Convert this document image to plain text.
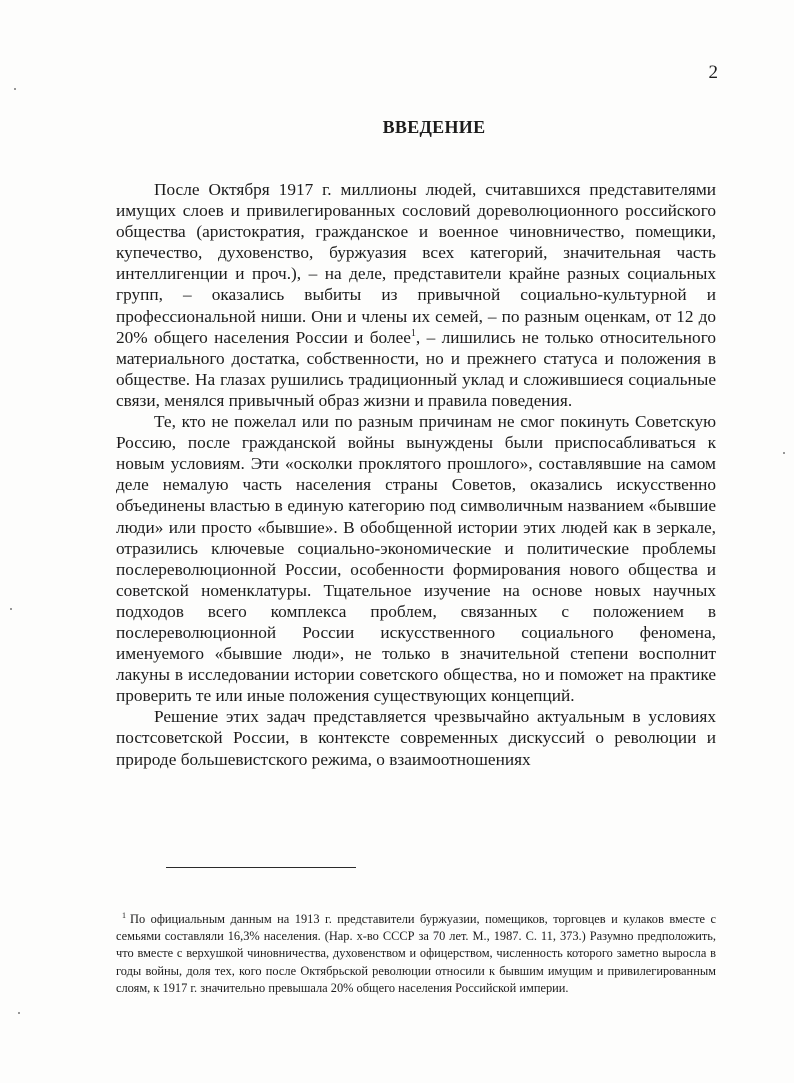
2
ВВЕДЕНИЕ

После Октября 1917 г. миллионы людей, считавшихся представителями имущих слоев и привилегированных сословий дореволюционного российского общества (аристократия, гражданское и военное чиновничество, помещики, купечество, духовенство, буржуазия всех категорий, значительная часть интеллигенции и проч.), – на деле, представители крайне разных социальных групп, – оказались выбиты из привычной социально-культурной и профессиональной ниши. Они и члены их семей, – по разным оценкам, от 12 до 20% общего населения России и более$^1$, – лишились не только относительного материального достатка, собственности, но и прежнего статуса и положения в обществе. На глазах рушились традиционный уклад и сложившиеся социальные связи, менялся привычный образ жизни и правила поведения.

Те, кто не пожелал или по разным причинам не смог покинуть Советскую Россию, после гражданской войны вынуждены были приспосабливаться к новым условиям. Эти «осколки проклятого прошлого», составлявшие на самом деле немалую часть населения страны Советов, оказались искусственно объединены властью в единую категорию под символичным названием «бывшие люди» или просто «бывшие». В обобщенной истории этих людей как в зеркале, отразились ключевые социально-экономические и политические проблемы послереволюционной России, особенности формирования нового общества и советской номенклатуры. Тщательное изучение на основе новых научных подходов всего комплекса проблем, связанных с положением в послереволюционной России искусственного социального феномена, именуемого «бывшие люди», не только в значительной степени восполнит лакуны в исследовании истории советского общества, но и поможет на практике проверить те или иные положения существующих концепций.

Решение этих задач представляется чрезвычайно актуальным в условиях постсоветской России, в контексте современных дискуссий о революции и природе большевистского режима, о взаимоотношениях

$^1$ По официальным данным на 1913 г. представители буржуазии, помещиков, торговцев и кулаков вместе с семьями составляли 16,3% населения. (Нар. х-во СССР за 70 лет. М., 1987. С. 11, 373.) Разумно предположить, что вместе с верхушкой чиновничества, духовенством и офицерством, численность которого заметно выросла в годы войны, доля тех, кого после Октябрьской революции относили к бывшим имущим и привилегированным слоям, к 1917 г. значительно превышала 20% общего населения Российской империи.
